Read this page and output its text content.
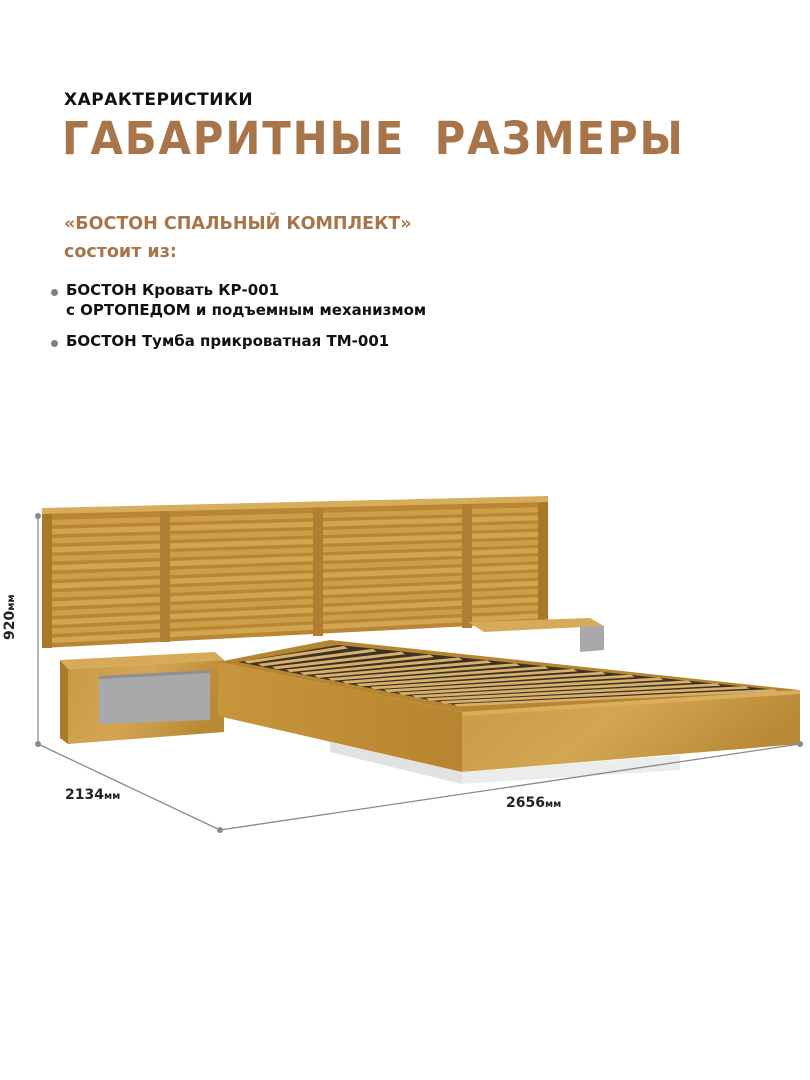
ХАРАКТЕРИСТИКИ
ГАБАРИТНЫЕ РАЗМЕРЫ
«БОСТОН СПАЛЬНЫЙ КОМПЛЕКТ»
состоит из:
БОСТОН Кровать КР-001
с ОРТОПЕДОМ и подъемным механизмом
БОСТОН Тумба прикроватная ТМ-001
920мм
2134мм	2656мм
